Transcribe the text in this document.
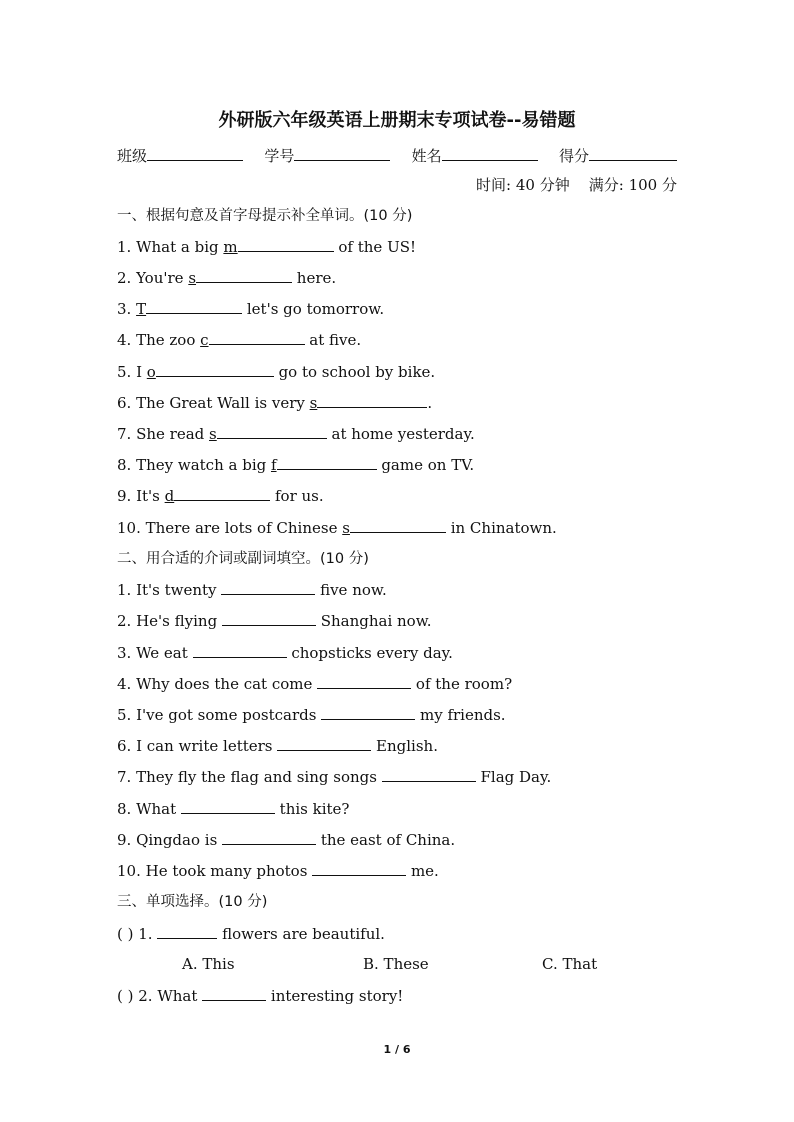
外研版六年级英语上册期末专项试卷--易错题
班级	学号	姓名	得分
时间: 40 分钟    满分: 100 分
一、根据句意及首字母提示补全单词。(10 分)
1. What a big m	of the US!
2. You're s	here.
3. T	let's go tomorrow.
4. The zoo c	at five.
5. I o	go to school by bike.
6. The Great Wall is very s	.
7. She read s	at home yesterday.
8. They watch a big f	game on TV.
9. It's d	for us.
10. There are lots of Chinese s	in Chinatown.
二、用合适的介词或副词填空。(10 分)
1. It's twenty	five now.
2. He's flying	Shanghai now.
3. We eat	chopsticks every day.
4. Why does the cat come	of the room?
5. I've got some postcards	my friends.
6. I can write letters	English.
7. They fly the flag and sing songs	Flag Day.
8. What	this kite?
9. Qingdao is	the east of China.
10. He took many photos	me.
三、单项选择。(10 分)
( ) 1.	flowers are beautiful.
A. This	B. These	C. That
( ) 2. What	interesting story!
1 / 6
